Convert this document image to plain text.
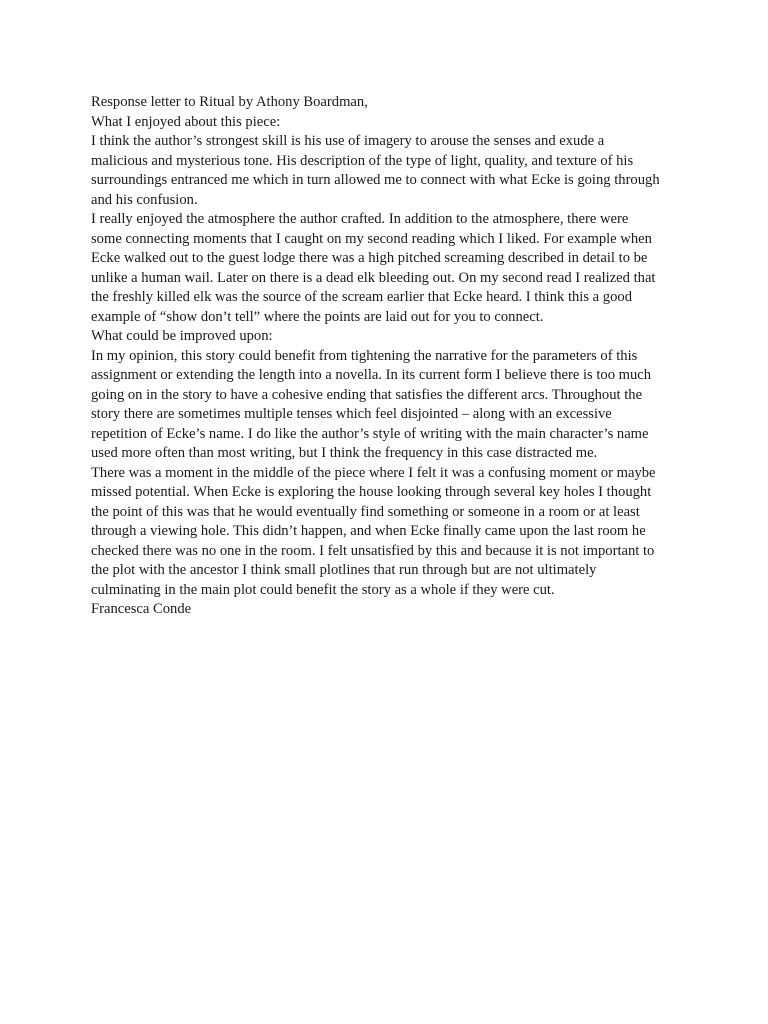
Response letter to Ritual by Athony Boardman,

What I enjoyed about this piece:

I think the author’s strongest skill is his use of imagery to arouse the senses and exude a
malicious and mysterious tone. His description of the type of light, quality, and texture of his
surroundings entranced me which in turn allowed me to connect with what Ecke is going through
and his confusion.

I really enjoyed the atmosphere the author crafted. In addition to the atmosphere, there were
some connecting moments that I caught on my second reading which I liked. For example when
Ecke walked out to the guest lodge there was a high pitched screaming described in detail to be
unlike a human wail. Later on there is a dead elk bleeding out. On my second read I realized that
the freshly killed elk was the source of the scream earlier that Ecke heard. I think this a good
example of “show don’t tell” where the points are laid out for you to connect.

What could be improved upon:

In my opinion, this story could benefit from tightening the narrative for the parameters of this
assignment or extending the length into a novella. In its current form I believe there is too much
going on in the story to have a cohesive ending that satisfies the different arcs. Throughout the
story there are sometimes multiple tenses which feel disjointed – along with an excessive
repetition of Ecke’s name. I do like the author’s style of writing with the main character’s name
used more often than most writing, but I think the frequency in this case distracted me.

There was a moment in the middle of the piece where I felt it was a confusing moment or maybe
missed potential. When Ecke is exploring the house looking through several key holes I thought
the point of this was that he would eventually find something or someone in a room or at least
through a viewing hole. This didn’t happen, and when Ecke finally came upon the last room he
checked there was no one in the room. I felt unsatisfied by this and because it is not important to
the plot with the ancestor I think small plotlines that run through but are not ultimately
culminating in the main plot could benefit the story as a whole if they were cut.

Francesca Conde
